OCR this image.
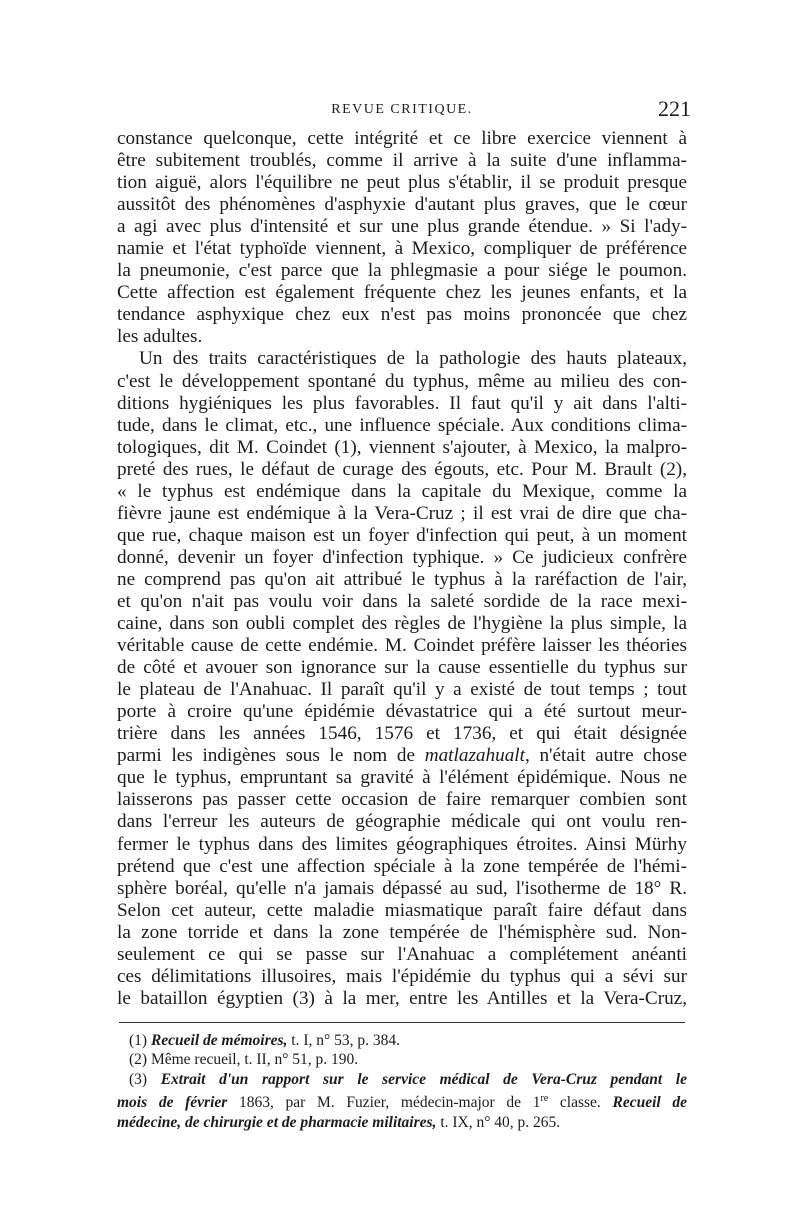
REVUE CRITIQUE.	221
constance quelconque, cette intégrité et ce libre exercice viennent à
être subitement troublés, comme il arrive à la suite d'une inflamma-
tion aiguë, alors l'équilibre ne peut plus s'établir, il se produit presque
aussitôt des phénomènes d'asphyxie d'autant plus graves, que le cœur
a agi avec plus d'intensité et sur une plus grande étendue. » Si l'ady-
namie et l'état typhoïde viennent, à Mexico, compliquer de préférence
la pneumonie, c'est parce que la phlegmasie a pour siége le poumon.
Cette affection est également fréquente chez les jeunes enfants, et la
tendance asphyxique chez eux n'est pas moins prononcée que chez
les adultes.
Un des traits caractéristiques de la pathologie des hauts plateaux,
c'est le développement spontané du typhus, même au milieu des con-
ditions hygiéniques les plus favorables. Il faut qu'il y ait dans l'alti-
tude, dans le climat, etc., une influence spéciale. Aux conditions clima-
tologiques, dit M. Coindet (1), viennent s'ajouter, à Mexico, la malpro-
preté des rues, le défaut de curage des égouts, etc. Pour M. Brault (2),
« le typhus est endémique dans la capitale du Mexique, comme la
fièvre jaune est endémique à la Vera-Cruz ; il est vrai de dire que cha-
que rue, chaque maison est un foyer d'infection qui peut, à un moment
donné, devenir un foyer d'infection typhique. » Ce judicieux confrère
ne comprend pas qu'on ait attribué le typhus à la raréfaction de l'air,
et qu'on n'ait pas voulu voir dans la saleté sordide de la race mexi-
caine, dans son oubli complet des règles de l'hygiène la plus simple, la
véritable cause de cette endémie. M. Coindet préfère laisser les théories
de côté et avouer son ignorance sur la cause essentielle du typhus sur
le plateau de l'Anahuac. Il paraît qu'il y a existé de tout temps ; tout
porte à croire qu'une épidémie dévastatrice qui a été surtout meur-
trière dans les années 1546, 1576 et 1736, et qui était désignée
parmi les indigènes sous le nom de matlazahualt, n'était autre chose
que le typhus, empruntant sa gravité à l'élément épidémique. Nous ne
laisserons pas passer cette occasion de faire remarquer combien sont
dans l'erreur les auteurs de géographie médicale qui ont voulu ren-
fermer le typhus dans des limites géographiques étroites. Ainsi Mürhy
prétend que c'est une affection spéciale à la zone tempérée de l'hémi-
sphère boréal, qu'elle n'a jamais dépassé au sud, l'isotherme de 18° R.
Selon cet auteur, cette maladie miasmatique paraît faire défaut dans
la zone torride et dans la zone tempérée de l'hémisphère sud. Non-
seulement ce qui se passe sur l'Anahuac a complétement anéanti
ces délimitations illusoires, mais l'épidémie du typhus qui a sévi sur
le bataillon égyptien (3) à la mer, entre les Antilles et la Vera-Cruz,
(1) Recueil de mémoires, t. I, n° 53, p. 384.
(2) Même recueil, t. II, n° 51, p. 190.
(3) Extrait d'un rapport sur le service médical de Vera-Cruz pendant le
mois de février 1863, par M. Fuzier, médecin-major de 1re classe. Recueil de
médecine, de chirurgie et de pharmacie militaires, t. IX, n° 40, p. 265.
